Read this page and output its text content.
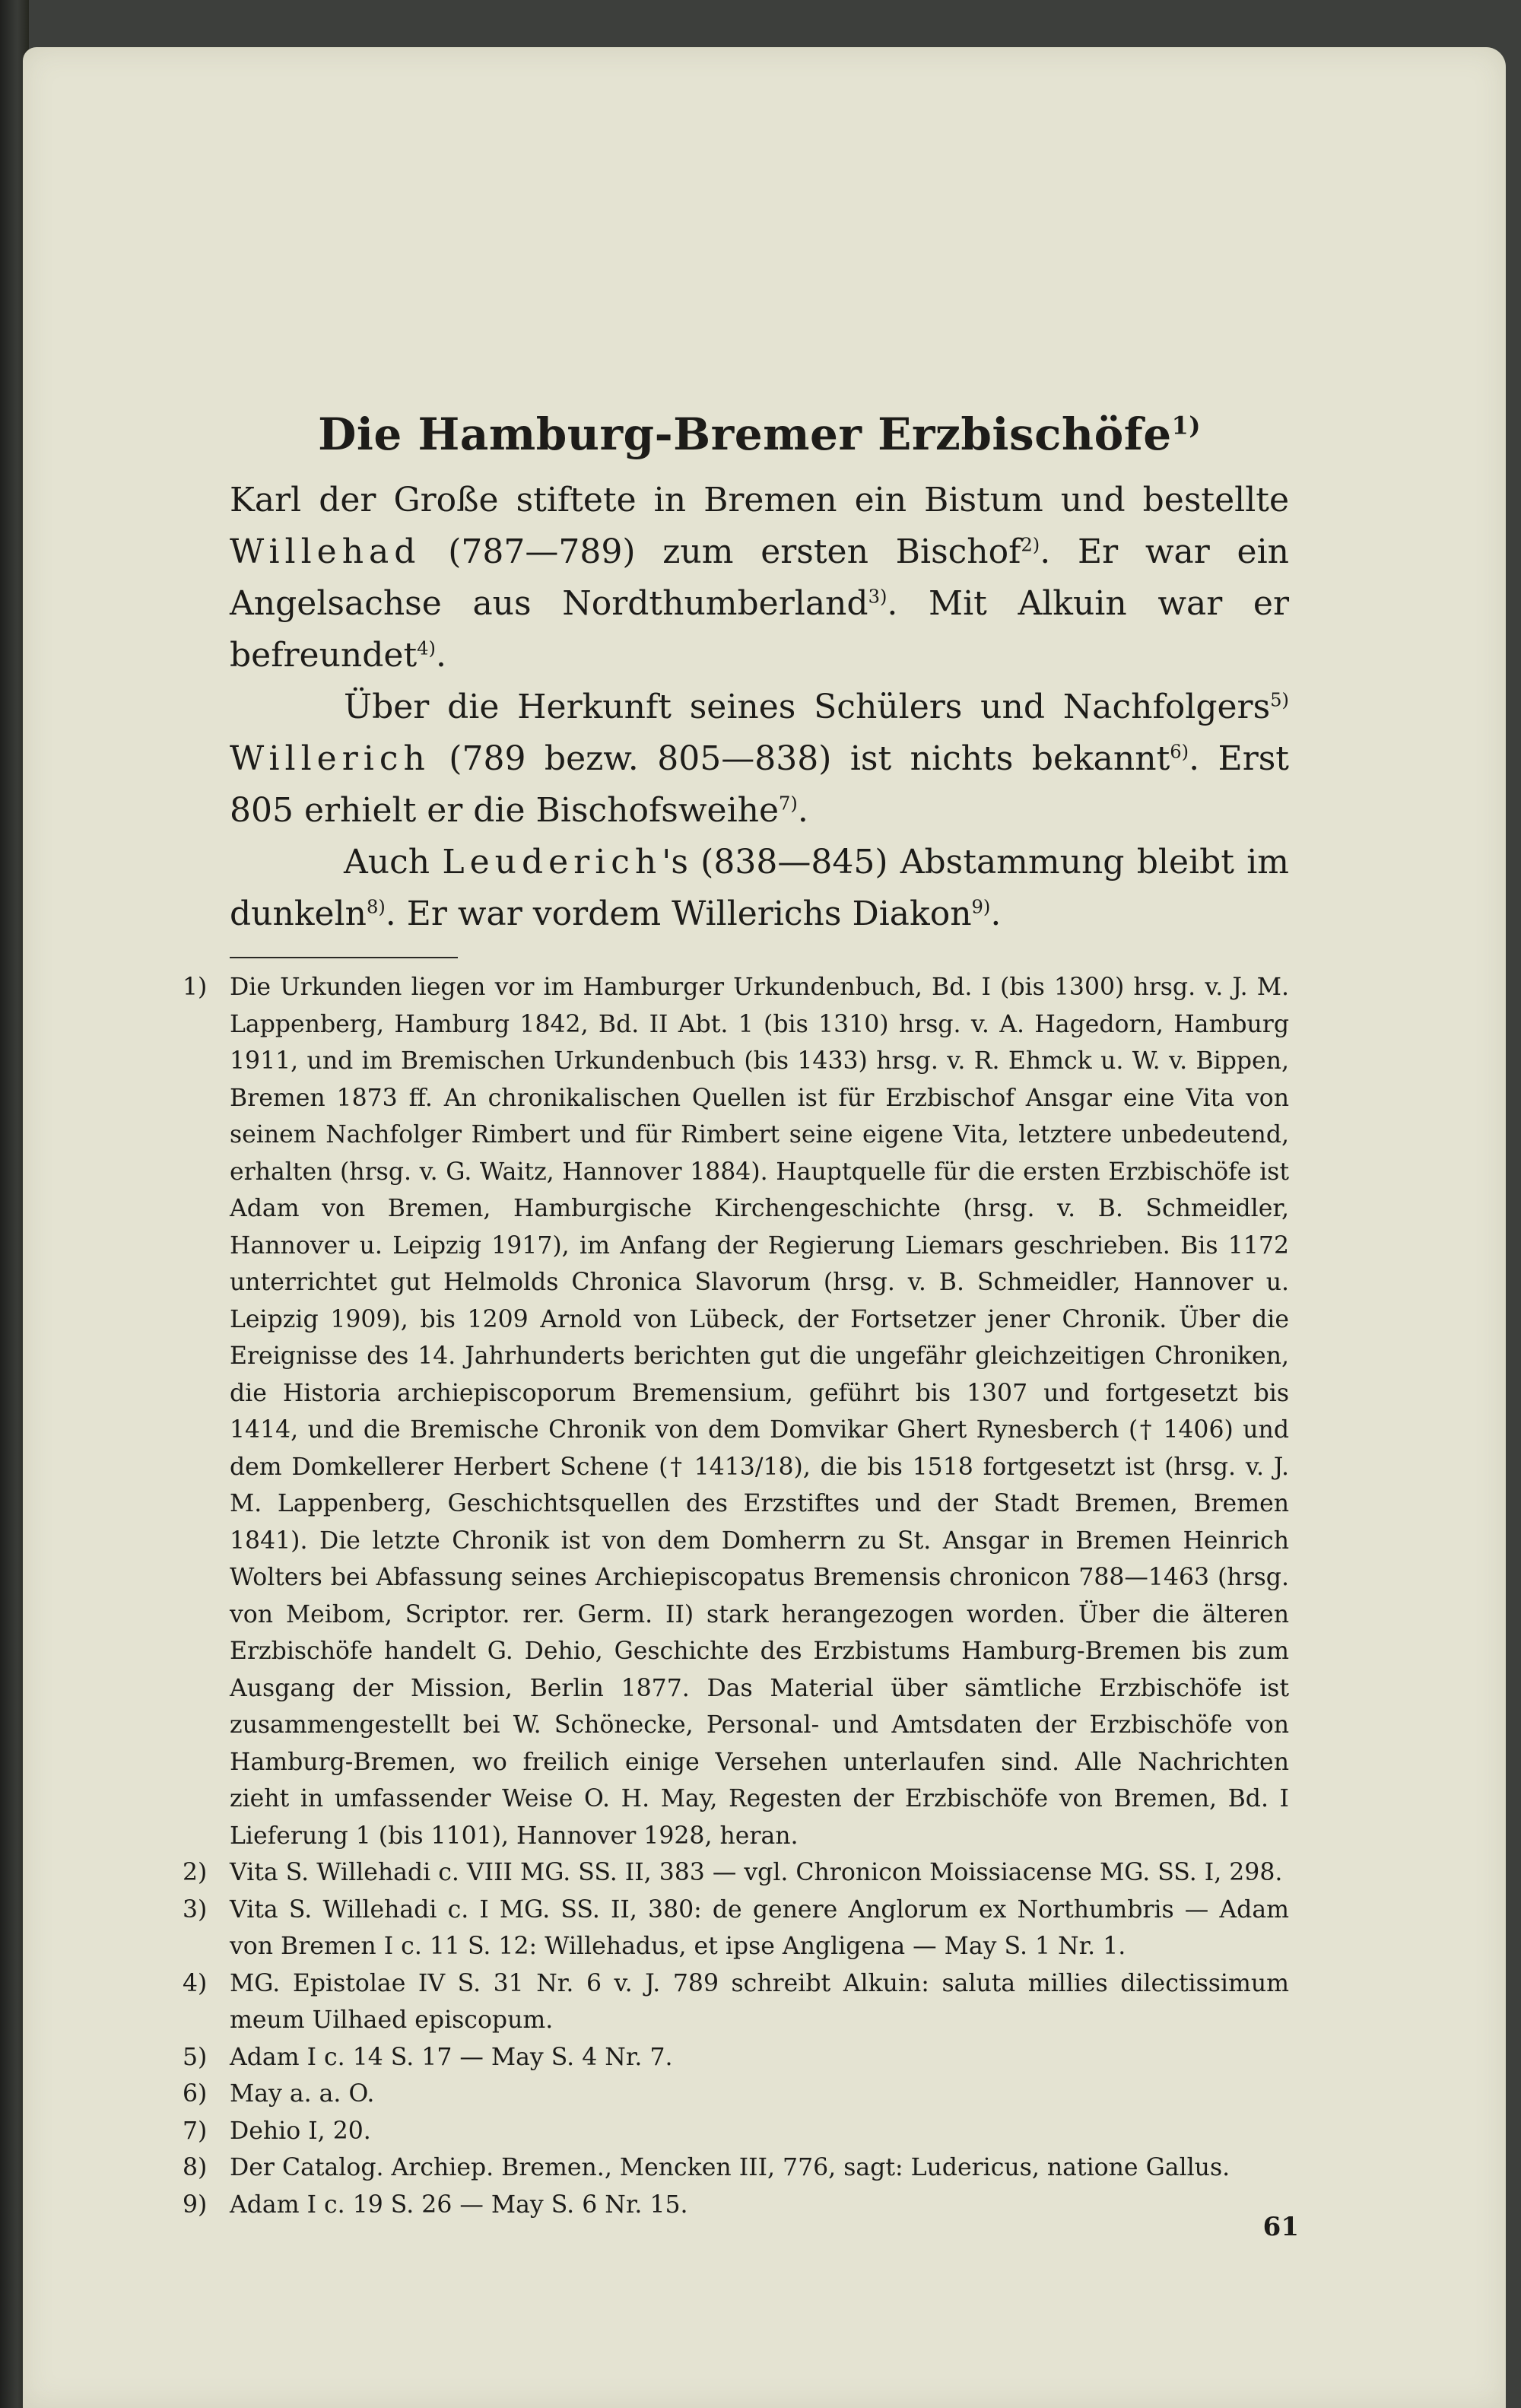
Die Hamburg-Bremer Erzbischöfe$^{1)}$

Karl der Große stiftete in Bremen ein Bistum und bestellte Willehad (787—789) zum ersten Bischof$^{2)}$. Er war ein Angelsachse aus Nordthumberland$^{3)}$. Mit Alkuin war er befreundet$^{4)}$.

Über die Herkunft seines Schülers und Nachfolgers$^{5)}$ Willerich (789 bezw. 805—838) ist nichts bekannt$^{6)}$. Erst 805 erhielt er die Bischofsweihe$^{7)}$.

Auch Leuderich's (838—845) Abstammung bleibt im dunkeln$^{8)}$. Er war vordem Willerichs Diakon$^{9)}$.

1) Die Urkunden liegen vor im Hamburger Urkundenbuch, Bd. I (bis 1300) hrsg. v. J. M. Lappenberg, Hamburg 1842, Bd. II Abt. 1 (bis 1310) hrsg. v. A. Hagedorn, Hamburg 1911, und im Bremischen Urkundenbuch (bis 1433) hrsg. v. R. Ehmck u. W. v. Bippen, Bremen 1873 ff. An chronikalischen Quellen ist für Erzbischof Ansgar eine Vita von seinem Nachfolger Rimbert und für Rimbert seine eigene Vita, letztere unbedeutend, erhalten (hrsg. v. G. Waitz, Hannover 1884). Hauptquelle für die ersten Erzbischöfe ist Adam von Bremen, Hamburgische Kirchengeschichte (hrsg. v. B. Schmeidler, Hannover u. Leipzig 1917), im Anfang der Regierung Liemars geschrieben. Bis 1172 unterrichtet gut Helmolds Chronica Slavorum (hrsg. v. B. Schmeidler, Hannover u. Leipzig 1909), bis 1209 Arnold von Lübeck, der Fortsetzer jener Chronik. Über die Ereignisse des 14. Jahrhunderts berichten gut die ungefähr gleichzeitigen Chroniken, die Historia archiepiscoporum Bremensium, geführt bis 1307 und fortgesetzt bis 1414, und die Bremische Chronik von dem Domvikar Ghert Rynesberch († 1406) und dem Domkellerer Herbert Schene († 1413/18), die bis 1518 fortgesetzt ist (hrsg. v. J. M. Lappenberg, Geschichtsquellen des Erzstiftes und der Stadt Bremen, Bremen 1841). Die letzte Chronik ist von dem Domherrn zu St. Ansgar in Bremen Heinrich Wolters bei Abfassung seines Archiepiscopatus Bremensis chronicon 788—1463 (hrsg. von Meibom, Scriptor. rer. Germ. II) stark herangezogen worden. Über die älteren Erzbischöfe handelt G. Dehio, Geschichte des Erzbistums Hamburg-Bremen bis zum Ausgang der Mission, Berlin 1877. Das Material über sämtliche Erzbischöfe ist zusammengestellt bei W. Schönecke, Personal- und Amtsdaten der Erzbischöfe von Hamburg-Bremen, wo freilich einige Versehen unterlaufen sind. Alle Nachrichten zieht in umfassender Weise O. H. May, Regesten der Erzbischöfe von Bremen, Bd. I Lieferung 1 (bis 1101), Hannover 1928, heran.

2) Vita S. Willehadi c. VIII MG. SS. II, 383 — vgl. Chronicon Moissiacense MG. SS. I, 298.

3) Vita S. Willehadi c. I MG. SS. II, 380: de genere Anglorum ex Northumbris — Adam von Bremen I c. 11 S. 12: Willehadus, et ipse Angligena — May S. 1 Nr. 1.

4) MG. Epistolae IV S. 31 Nr. 6 v. J. 789 schreibt Alkuin: saluta millies dilectissimum meum Uilhaed episcopum.

5) Adam I c. 14 S. 17 — May S. 4 Nr. 7.

6) May a. a. O.

7) Dehio I, 20.

8) Der Catalog. Archiep. Bremen., Mencken III, 776, sagt: Ludericus, natione Gallus.

9) Adam I c. 19 S. 26 — May S. 6 Nr. 15.

61
